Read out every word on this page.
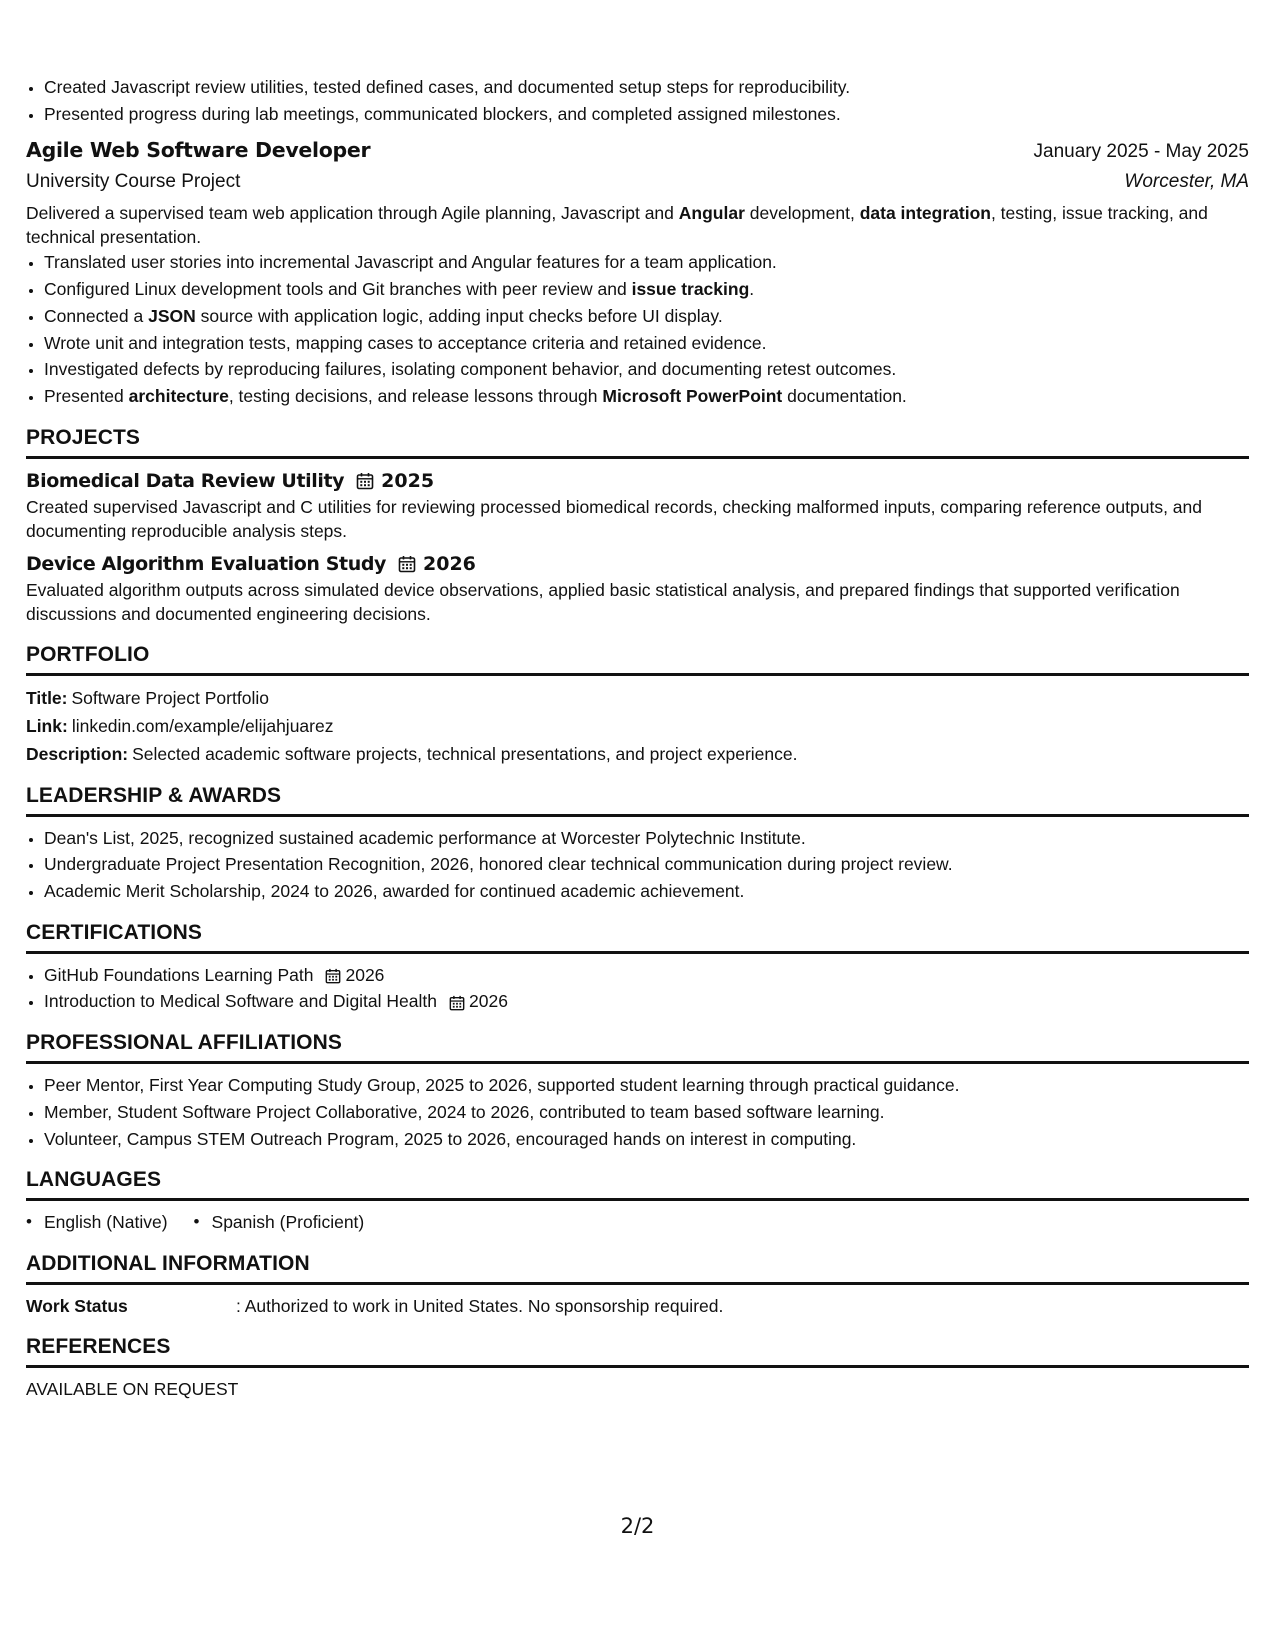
• Created Javascript review utilities, tested defined cases, and documented setup steps for reproducibility.
• Presented progress during lab meetings, communicated blockers, and completed assigned milestones.
Agile Web Software Developer	January 2025 - May 2025
University Course Project	Worcester, MA
Delivered a supervised team web application through Agile planning, Javascript and Angular development, data integration, testing, issue tracking, and technical presentation.
• Translated user stories into incremental Javascript and Angular features for a team application.
• Configured Linux development tools and Git branches with peer review and issue tracking.
• Connected a JSON source with application logic, adding input checks before UI display.
• Wrote unit and integration tests, mapping cases to acceptance criteria and retained evidence.
• Investigated defects by reproducing failures, isolating component behavior, and documenting retest outcomes.
• Presented architecture, testing decisions, and release lessons through Microsoft PowerPoint documentation.
PROJECTS
Biomedical Data Review Utility 2025
Created supervised Javascript and C utilities for reviewing processed biomedical records, checking malformed inputs, comparing reference outputs, and documenting reproducible analysis steps.
Device Algorithm Evaluation Study 2026
Evaluated algorithm outputs across simulated device observations, applied basic statistical analysis, and prepared findings that supported verification discussions and documented engineering decisions.
PORTFOLIO
Title: Software Project Portfolio
Link: linkedin.com/example/elijahjuarez
Description: Selected academic software projects, technical presentations, and project experience.
LEADERSHIP & AWARDS
• Dean's List, 2025, recognized sustained academic performance at Worcester Polytechnic Institute.
• Undergraduate Project Presentation Recognition, 2026, honored clear technical communication during project review.
• Academic Merit Scholarship, 2024 to 2026, awarded for continued academic achievement.
CERTIFICATIONS
• GitHub Foundations Learning Path 2026
• Introduction to Medical Software and Digital Health 2026
PROFESSIONAL AFFILIATIONS
• Peer Mentor, First Year Computing Study Group, 2025 to 2026, supported student learning through practical guidance.
• Member, Student Software Project Collaborative, 2024 to 2026, contributed to team based software learning.
• Volunteer, Campus STEM Outreach Program, 2025 to 2026, encouraged hands on interest in computing.
LANGUAGES
• English (Native)
•	Spanish (Proficient)
ADDITIONAL INFORMATION
Work Status	: Authorized to work in United States. No sponsorship required.
REFERENCES
AVAILABLE ON REQUEST
2/2
